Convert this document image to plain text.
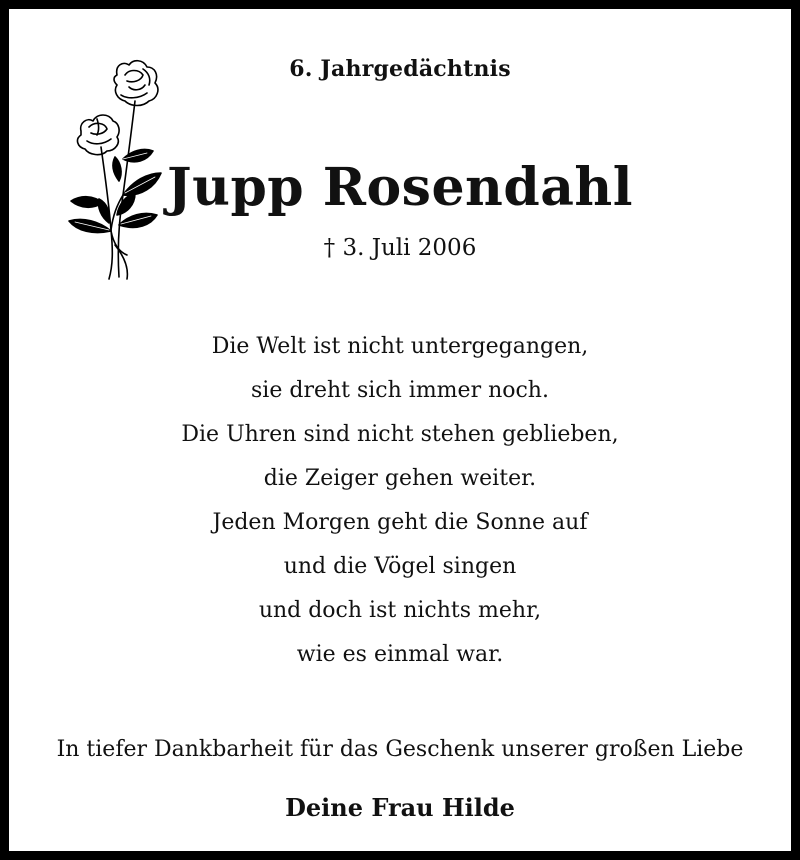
6. Jahrgedächtnis
Jupp Rosendahl
† 3. Juli 2006
Die Welt ist nicht untergegangen,
sie dreht sich immer noch.
Die Uhren sind nicht stehen geblieben,
die Zeiger gehen weiter.
Jeden Morgen geht die Sonne auf
und die Vögel singen
und doch ist nichts mehr,
wie es einmal war.
In tiefer Dankbarheit für das Geschenk unserer großen Liebe
Deine Frau Hilde
